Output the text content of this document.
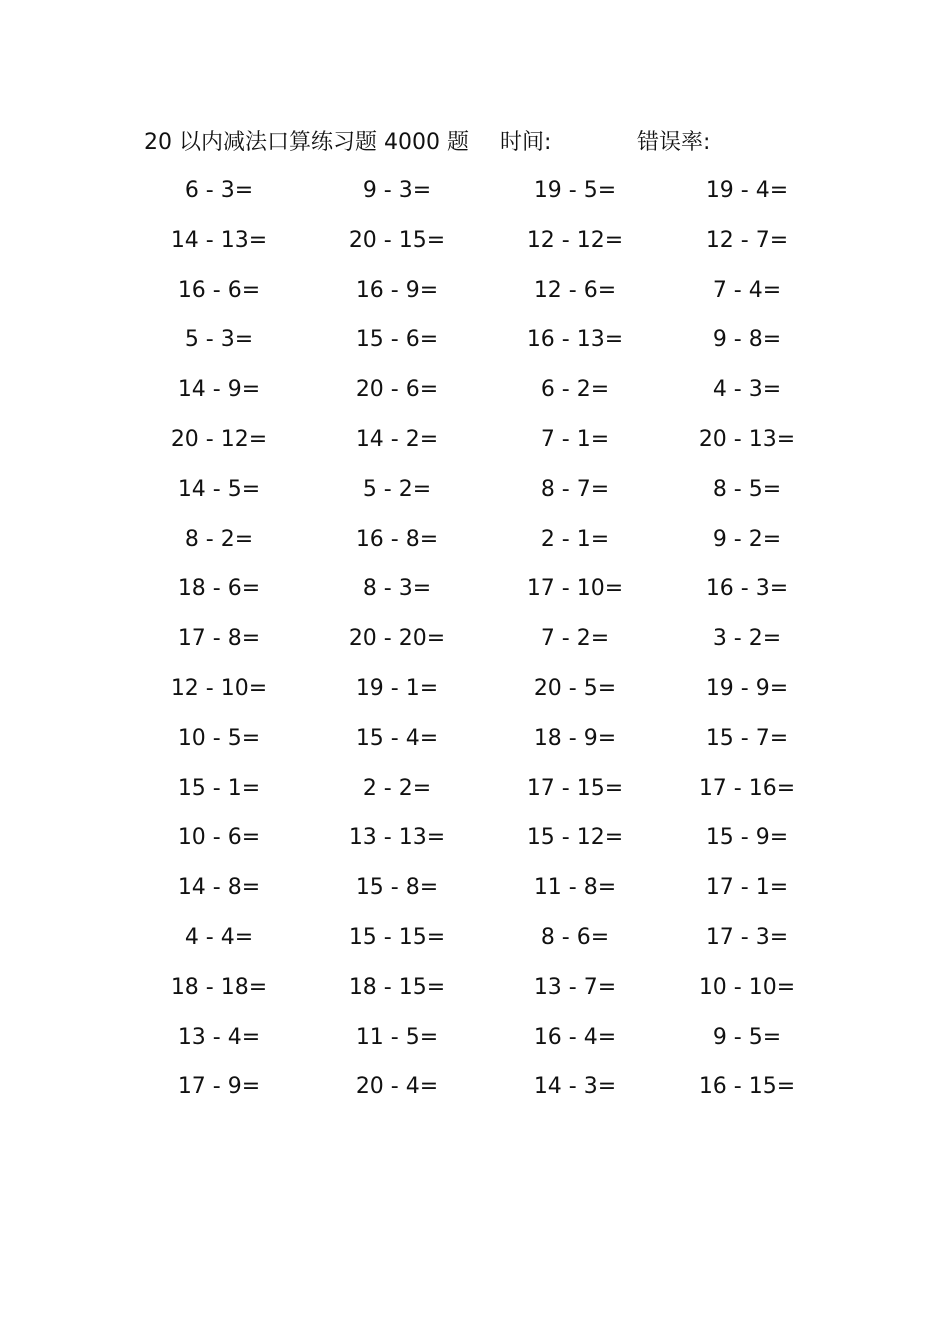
20 以内减法口算练习题 4000 题 时间:	错误率:
6 - 3=	9 - 3=	19 - 5=	19 - 4=
14 - 13=	20 - 15=	12 - 12=	12 - 7=
16 - 6=	16 - 9=	12 - 6=	7 - 4=
5 - 3=	15 - 6=	16 - 13=	9 - 8=
14 - 9=	20 - 6=	6 - 2=	4 - 3=
20 - 12=	14 - 2=	7 - 1=	20 - 13=
14 - 5=	5 - 2=	8 - 7=	8 - 5=
8 - 2=	16 - 8=	2 - 1=	9 - 2=
18 - 6=	8 - 3=	17 - 10=	16 - 3=
17 - 8=	20 - 20=	7 - 2=	3 - 2=
12 - 10=	19 - 1=	20 - 5=	19 - 9=
10 - 5=	15 - 4=	18 - 9=	15 - 7=
15 - 1=	2 - 2=	17 - 15=	17 - 16=
10 - 6=	13 - 13=	15 - 12=	15 - 9=
14 - 8=	15 - 8=	11 - 8=	17 - 1=
4 - 4=	15 - 15=	8 - 6=	17 - 3=
18 - 18=	18 - 15=	13 - 7=	10 - 10=
13 - 4=	11 - 5=	16 - 4=	9 - 5=
17 - 9=	20 - 4=	14 - 3=	16 - 15=
